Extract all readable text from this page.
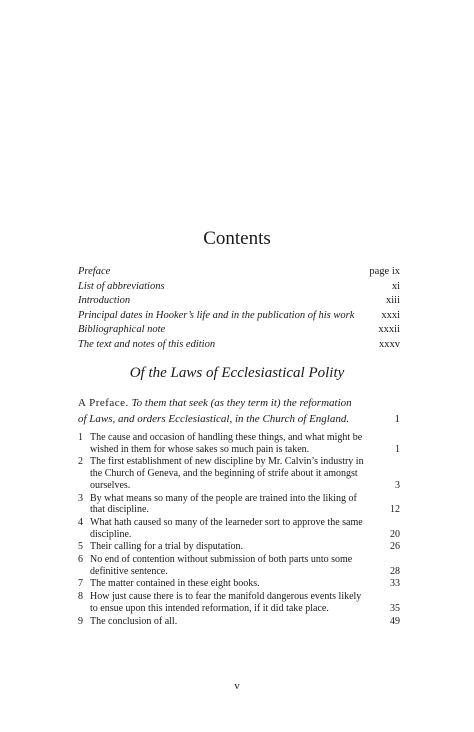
Contents
Preface	page ix
List of abbreviations	xi
Introduction	xiii
Principal dates in Hooker’s life and in the publication of his work	xxxi
Bibliographical note	xxxii
The text and notes of this edition	xxxv
Of the Laws of Ecclesiastical Polity
A Preface. To them that seek (as they term it) the reformation
of Laws, and orders Ecclesiastical, in the Church of England.	1
1 The cause and occasion of handling these things, and what might be wished in them for whose sakes so much pain is taken.	1
2 The first establishment of new discipline by Mr. Calvin’s industry in the Church of Geneva, and the beginning of strife about it amongst ourselves.	3
3 By what means so many of the people are trained into the liking of that discipline.	12
4 What hath caused so many of the learneder sort to approve the same discipline.	20
5 Their calling for a trial by disputation.	26
6 No end of contention without submission of both parts unto some definitive sentence.	28
7 The matter contained in these eight books.	33
8 How just cause there is to fear the manifold dangerous events likely to ensue upon this intended reformation, if it did take place.	35
9 The conclusion of all.	49
v
